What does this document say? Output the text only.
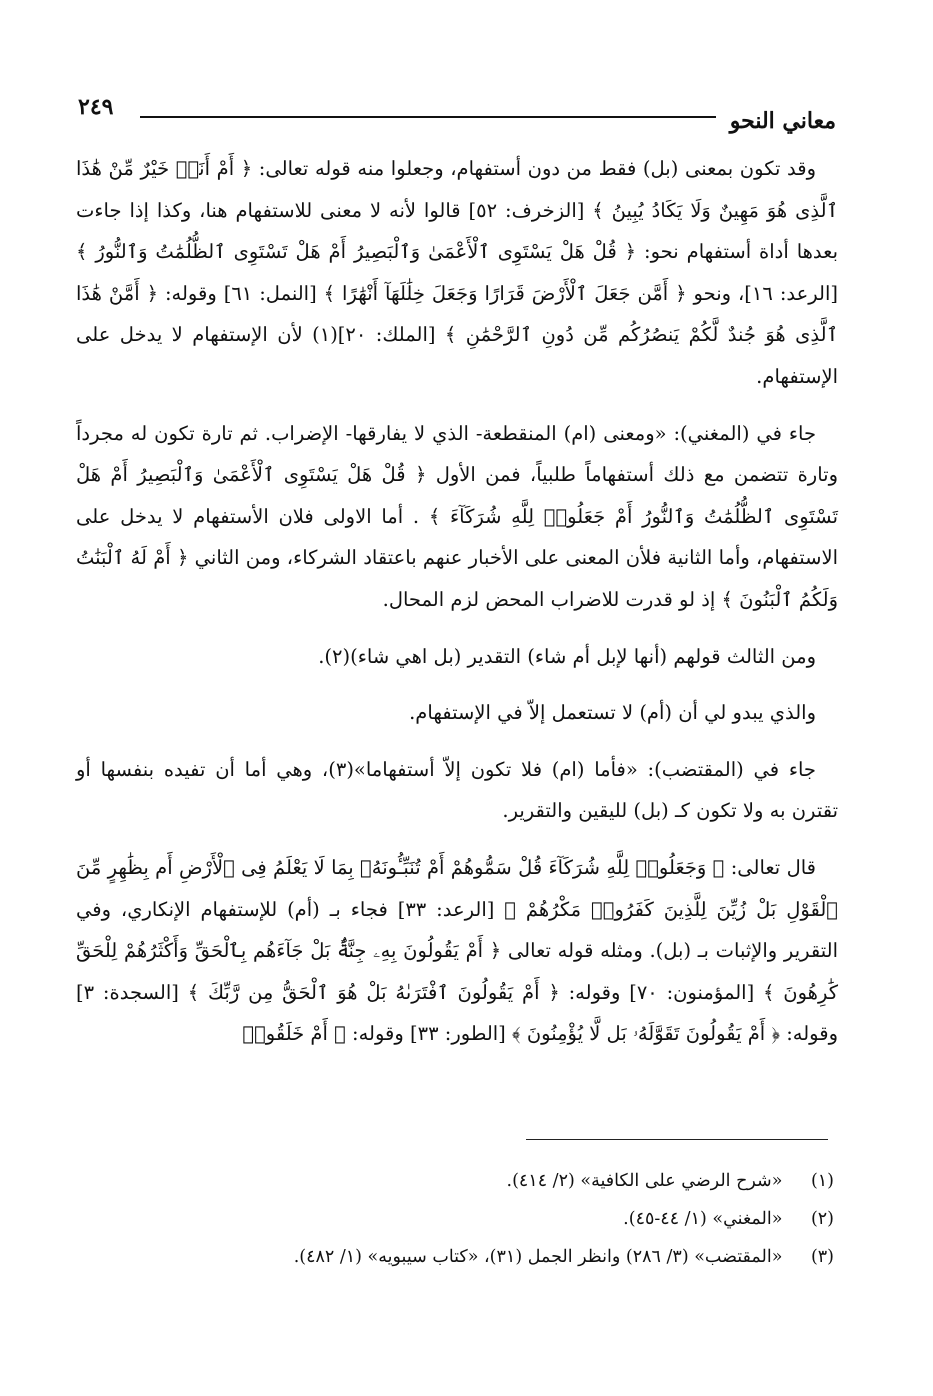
٢٤٩
معاني النحو

وقد تكون بمعنى (بل) فقط من دون أستفهام، وجعلوا منه قوله تعالى: ﴿ أَمْ أَنَا۠ خَيْرٌ مِّنْ هَٰذَا ٱلَّذِى هُوَ مَهِينٌ وَلَا يَكَادُ يُبِينُ ﴾ [الزخرف: ٥٢] قالوا لأنه لا معنى للاستفهام هنا، وكذا إذا جاءت بعدها أداة أستفهام نحو: ﴿ قُلْ هَلْ يَسْتَوِى ٱلْأَعْمَىٰ وَٱلْبَصِيرُ أَمْ هَلْ تَسْتَوِى ٱلظُّلُمَٰتُ وَٱلنُّورُ ﴾ [الرعد: ١٦]، ونحو ﴿ أَمَّن جَعَلَ ٱلْأَرْضَ قَرَارًا وَجَعَلَ خِلَٰلَهَآ أَنْهَٰرًا ﴾ [النمل: ٦١] وقوله: ﴿ أَمَّنْ هَٰذَا ٱلَّذِى هُوَ جُندٌ لَّكُمْ يَنصُرُكُم مِّن دُونِ ٱلرَّحْمَٰنِ ﴾ [الملك: ٢٠](١) لأن الإستفهام لا يدخل على الإستفهام.

جاء في (المغني): «ومعنى (ام) المنقطعة- الذي لا يفارقها- الإضراب. ثم تارة تكون له مجرداً وتارة تتضمن مع ذلك أستفهاماً طلبياً، فمن الأول ﴿ قُلْ هَلْ يَسْتَوِى ٱلْأَعْمَىٰ وَٱلْبَصِيرُ أَمْ هَلْ تَسْتَوِى ٱلظُّلُمَٰتُ وَٱلنُّورُ أَمْ جَعَلُوا۟ لِلَّهِ شُرَكَآءَ ﴾ . أما الاولى فلان الأستفهام لا يدخل على الاستفهام، وأما الثانية فلأن المعنى على الأخبار عنهم باعتقاد الشركاء، ومن الثاني ﴿ أَمْ لَهُ ٱلْبَنَٰتُ وَلَكُمُ ٱلْبَنُونَ ﴾ إذ لو قدرت للاضراب المحض لزم المحال.

ومن الثالث قولهم (أنها لإبل أم شاء) التقدير (بل اهي شاء)(٢).

والذي يبدو لي أن (أم) لا تستعمل إلاّ في الإستفهام.

جاء في (المقتضب): «فأما (ام) فلا تكون إلاّ أستفهاما»(٣)، وهي أما أن تفيده بنفسها أو تقترن به ولا تكون كـ (بل) لليقين والتقرير.

قال تعالى: ﴿ وَجَعَلُوا۟ لِلَّهِ شُرَكَآءَ قُلْ سَمُّوهُمْ أَمْ تُنَبِّـُٔونَهُۥ بِمَا لَا يَعْلَمُ فِى ٱلْأَرْضِ أَم بِظَٰهِرٍ مِّنَ ٱلْقَوْلِ بَلْ زُيِّنَ لِلَّذِينَ كَفَرُوا۟ مَكْرُهُمْ ﴾ [الرعد: ٣٣] فجاء بـ (أم) للإستفهام الإنكاري، وفي التقرير والإثبات بـ (بل). ومثله قوله تعالى ﴿ أَمْ يَقُولُونَ بِهِۦ جِنَّةٌۢ بَلْ جَآءَهُم بِٱلْحَقِّ وَأَكْثَرُهُمْ لِلْحَقِّ كَٰرِهُونَ ﴾ [المؤمنون: ٧٠] وقوله: ﴿ أَمْ يَقُولُونَ ٱفْتَرَىٰهُ بَلْ هُوَ ٱلْحَقُّ مِن رَّبِّكَ ﴾ [السجدة: ٣] وقوله: ﴿ أَمْ يَقُولُونَ تَقَوَّلَهُۥ بَل لَّا يُؤْمِنُونَ ﴾ [الطور: ٣٣] وقوله: ﴿ أَمْ خَلَقُوا۟

(١) «شرح الرضي على الكافية» (٢/ ٤١٤).
(٢) «المغني» (١/ ٤٤-٤٥).
(٣) «المقتضب» (٣/ ٢٨٦) وانظر الجمل (٣١)، «كتاب سيبويه» (١/ ٤٨٢).
